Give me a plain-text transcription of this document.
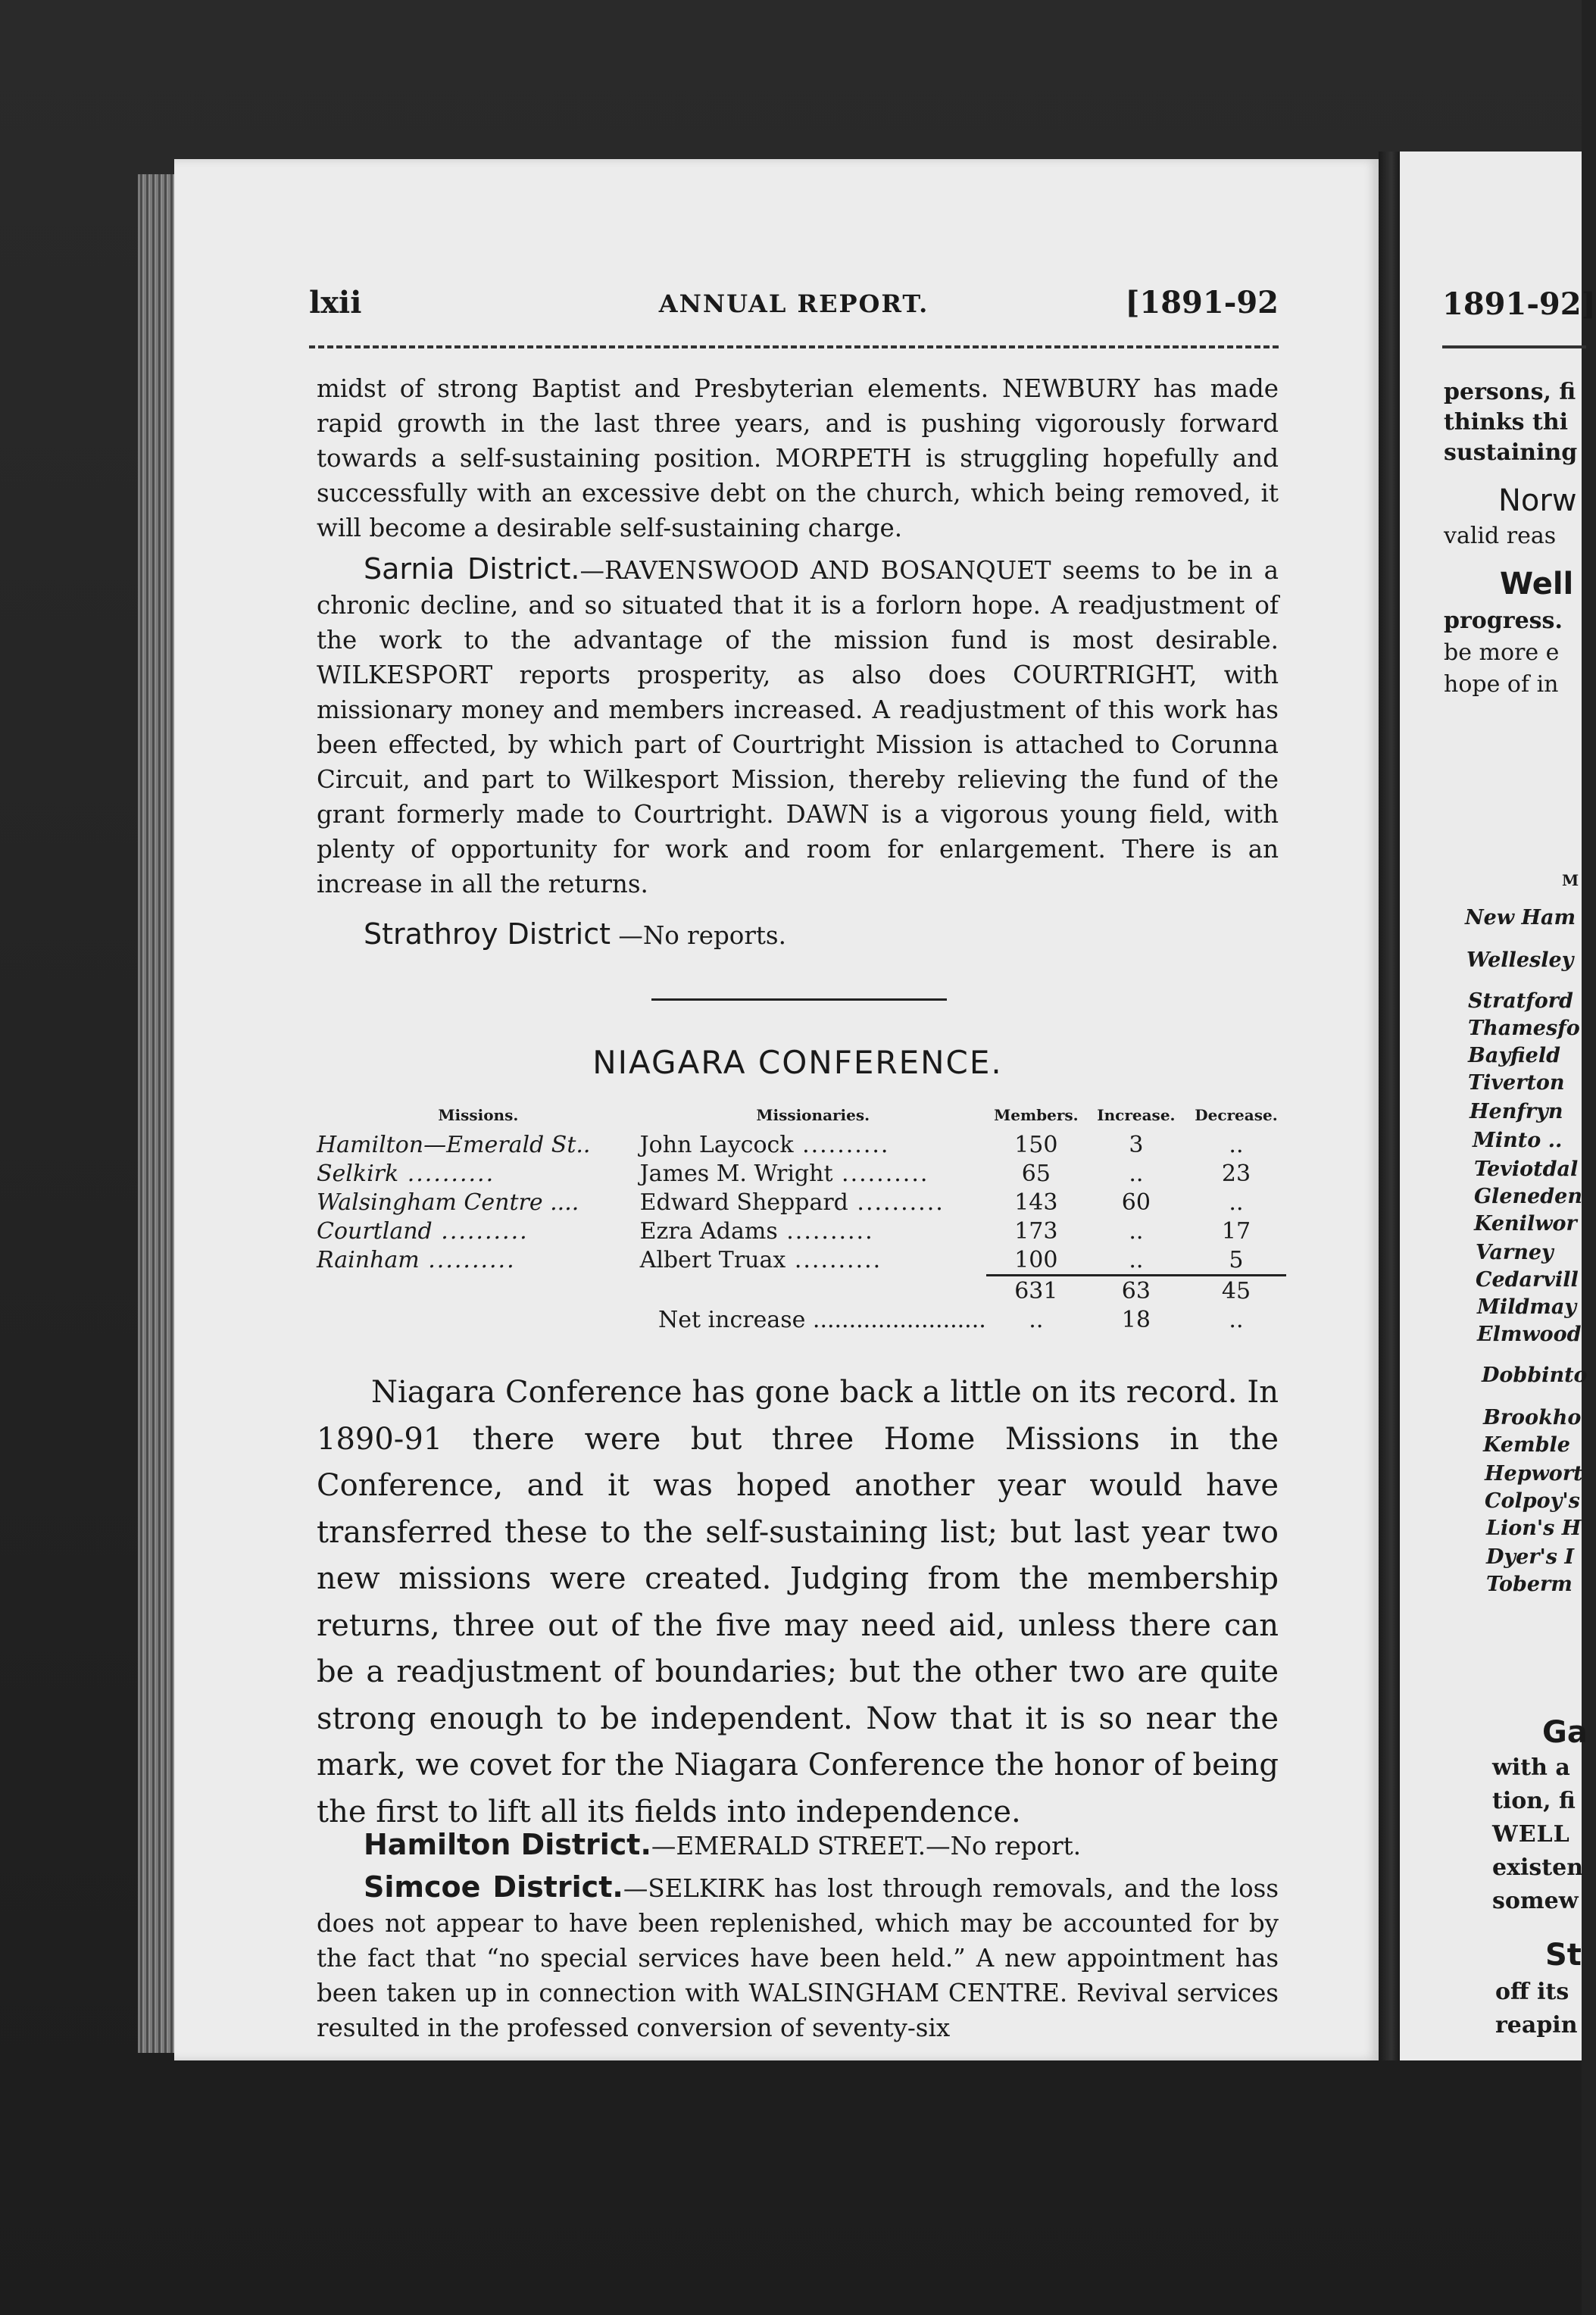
lxii	ANNUAL REPORT.	[1891-92

midst of strong Baptist and Presbyterian elements. NEWBURY has made rapid growth in the last three years, and is pushing vigorously forward towards a self-sustaining position. MORPETH is struggling hopefully and successfully with an excessive debt on the church, which being removed, it will become a desirable self-sustaining charge.

Sarnia District.—RAVENSWOOD AND BOSANQUET seems to be in a chronic decline, and so situated that it is a forlorn hope. A readjustment of the work to the advantage of the mission fund is most desirable. WILKESPORT reports prosperity, as also does COURTRIGHT, with missionary money and members increased. A readjustment of this work has been effected, by which part of Courtright Mission is attached to Corunna Circuit, and part to Wilkesport Mission, thereby relieving the fund of the grant formerly made to Courtright. DAWN is a vigorous young field, with plenty of opportunity for work and room for enlargement. There is an increase in all the returns.

Strathroy District —No reports.

NIAGARA CONFERENCE.
Missions.	Missionaries.	Members.	Increase.	Decrease.
Hamilton—Emerald St..	John Laycock .....	150	3	..
Selkirk .....	James M. Wright .....	65	..	23
Walsingham Centre ....	Edward Sheppard .....	143	60	..
Courtland .....	Ezra Adams .....	173	..	17
Rainham .....	Albert Truax .....	100	..	5
		631	63	45
Net increase ........................		..	18	..

Niagara Conference has gone back a little on its record. In 1890-91 there were but three Home Missions in the Conference, and it was hoped another year would have transferred these to the self-sustaining list; but last year two new missions were created. Judging from the membership returns, three out of the five may need aid, unless there can be a readjustment of boundaries; but the other two are quite strong enough to be independent. Now that it is so near the mark, we covet for the Niagara Conference the honor of being the first to lift all its fields into independence.

Hamilton District.—EMERALD STREET.—No report.

Simcoe District.—SELKIRK has lost through removals, and the loss does not appear to have been replenished, which may be accounted for by the fact that “no special services have been held.” A new appointment has been taken up in connection with WALSINGHAM CENTRE. Revival services resulted in the professed conversion of seventy-six

1891-92]
persons, fi
thinks thi
sustaining
Norw
valid reas
Well
progress.
be more e
hope of in
M
New Ham
Wellesley
Stratford
Thamesfo
Bayfield
Tiverton
Henfryn
Minto ..
Teviotdal
Gleneden
Kenilwor
Varney
Cedarvill
Mildmay
Elmwood
Dobbinto
Brookho
Kemble
Hepwort
Colpoy's
Lion's H
Dyer's I
Toberm
Ga
with a
tion, fi
WELL
existen
somew
St
off its
reapin
